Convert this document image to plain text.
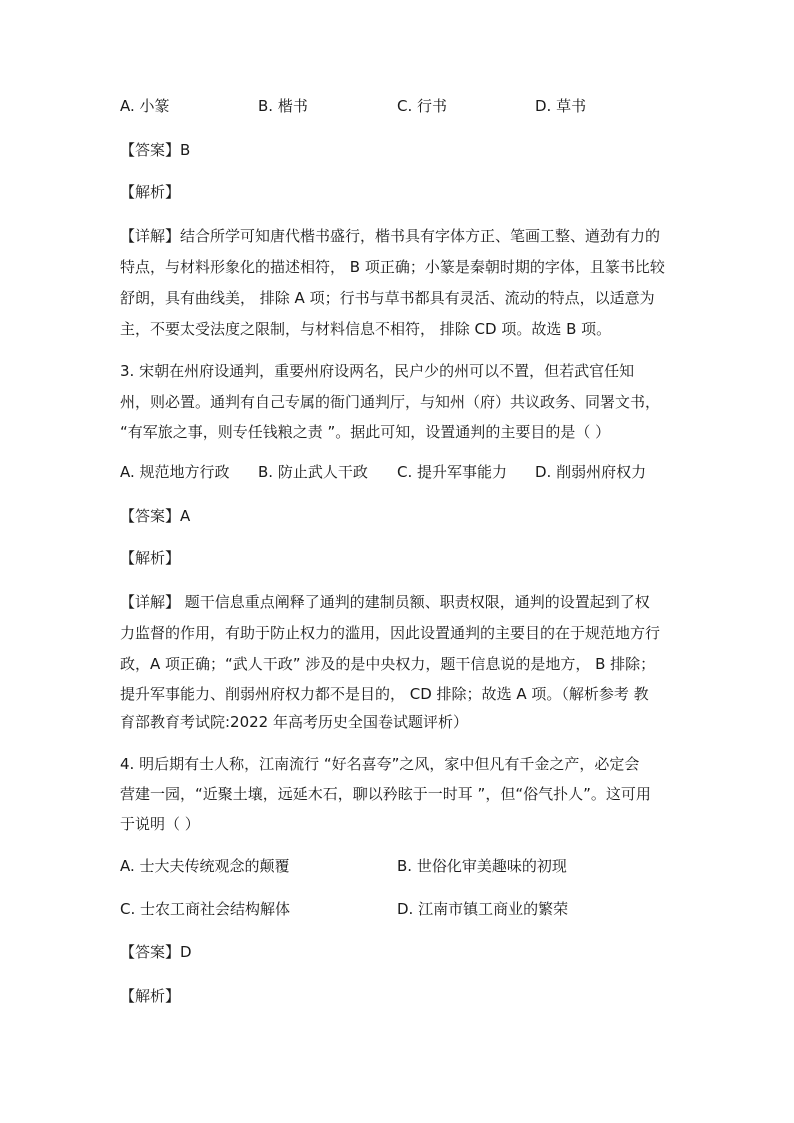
A. 小篆	B. 楷书	C. 行书	D. 草书
【答案】B
【解析】
【详解】结合所学可知唐代楷书盛行，楷书具有字体方正、笔画工整、遒劲有力的
特点，与材料形象化的描述相符， B 项正确；小篆是秦朝时期的字体，且篆书比较
舒朗，具有曲线美， 排除 A 项；行书与草书都具有灵活、流动的特点，以适意为
主，不要太受法度之限制，与材料信息不相符， 排除 CD 项。故选 B 项。
3. 宋朝在州府设通判，重要州府设两名，民户少的州可以不置，但若武官任知
州，则必置。通判有自己专属的衙门通判厅，与知州（府）共议政务、同署文书，
“有军旅之事，则专任钱粮之责 ”。据此可知，设置通判的主要目的是（ ）
A. 规范地方行政 B. 防止武人干政 C. 提升军事能力 D. 削弱州府权力
【答案】A
【解析】
【详解】 题干信息重点阐释了通判的建制员额、职责权限，通判的设置起到了权
力监督的作用，有助于防止权力的滥用，因此设置通判的主要目的在于规范地方行
政，A 项正确；“武人干政” 涉及的是中央权力，题干信息说的是地方， B 排除；
提升军事能力、削弱州府权力都不是目的， CD 排除；故选 A 项。（解析参考 教
育部教育考试院:2022 年高考历史全国卷试题评析）
4. 明后期有士人称，江南流行 “好名喜夸”之风，家中但凡有千金之产，必定会
营建一园，“近聚土壤，远延木石，聊以矜眩于一时耳 ”，但“俗气扑人”。这可用
于说明（ ）
A. 士大夫传统观念的颠覆	B. 世俗化审美趣味的初现
C. 士农工商社会结构解体	D. 江南市镇工商业的繁荣
【答案】D
【解析】
